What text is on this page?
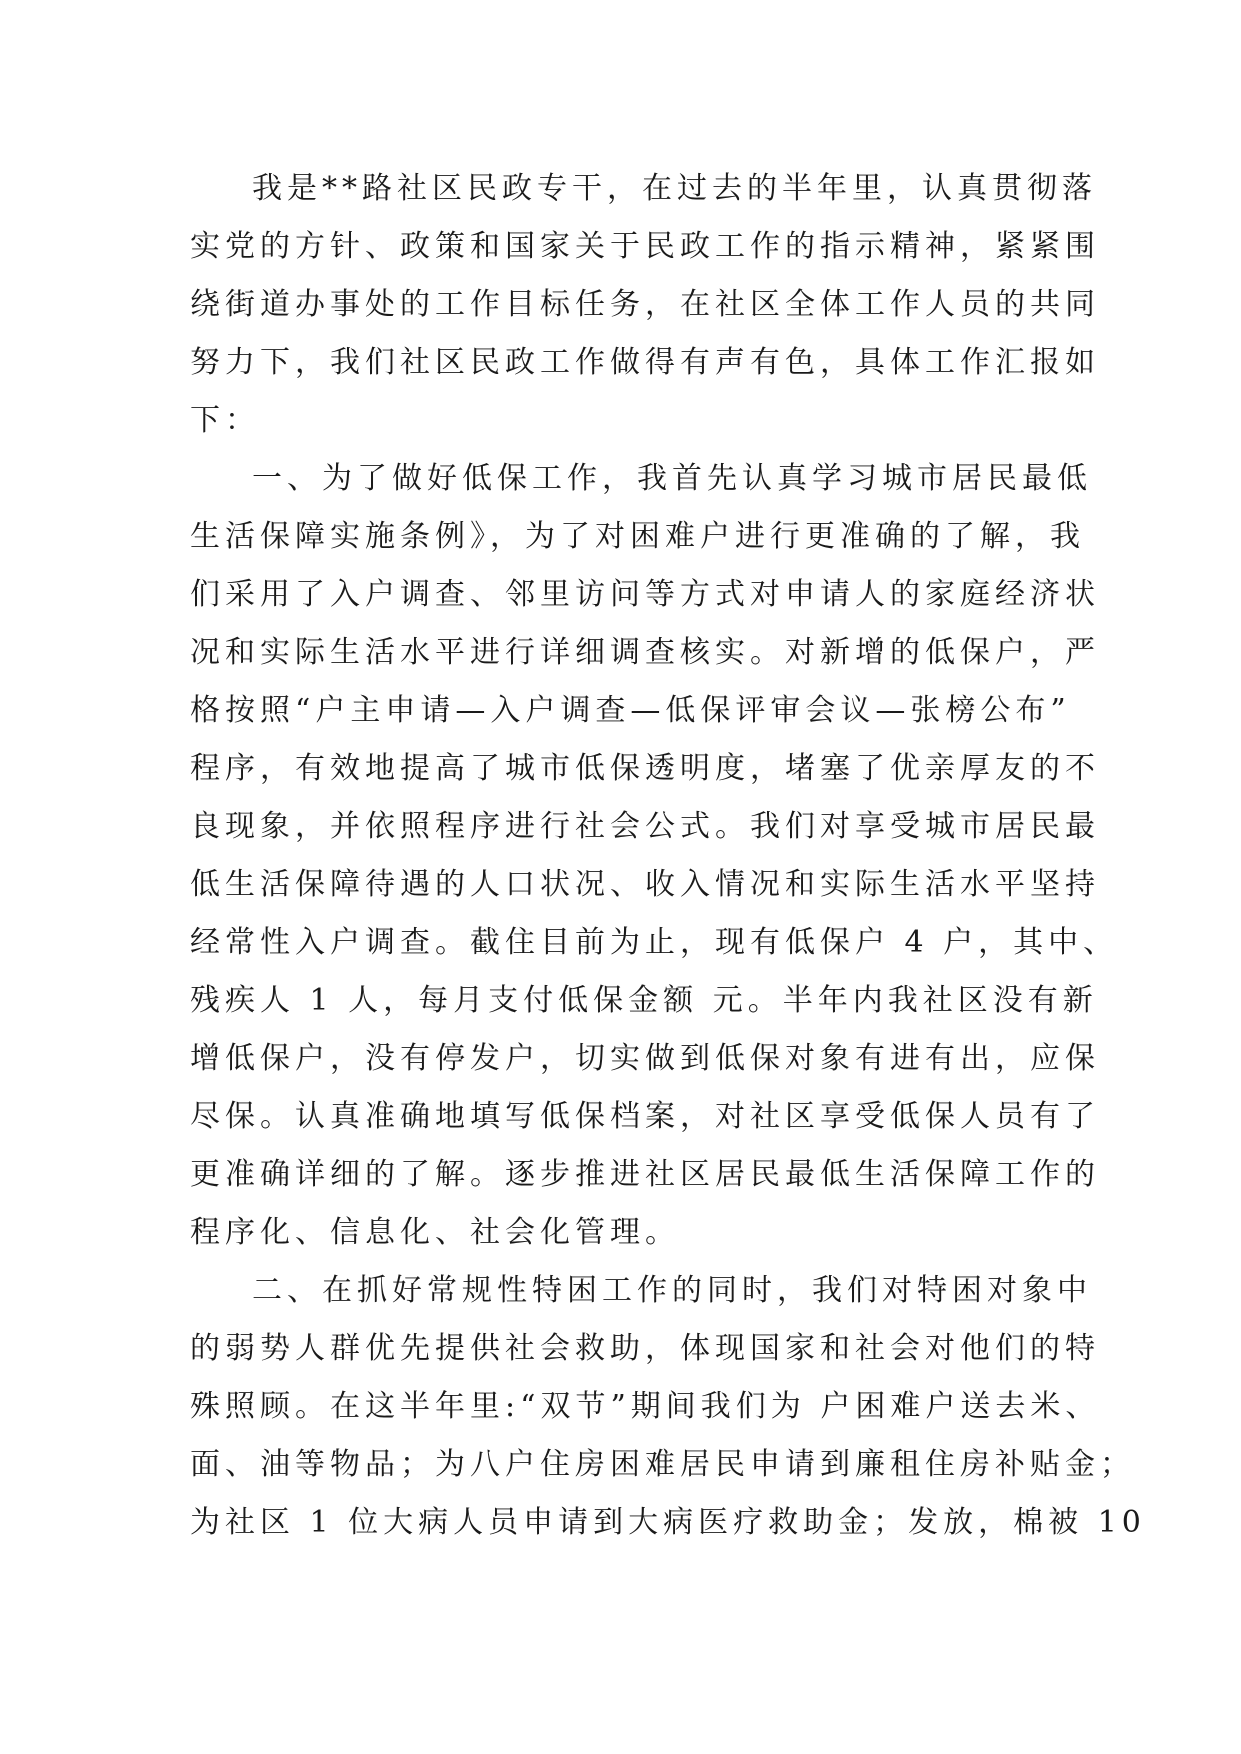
我是**路社区民政专干，在过去的半年里，认真贯彻落
实党的方针、政策和国家关于民政工作的指示精神，紧紧围
绕街道办事处的工作目标任务，在社区全体工作人员的共同
努力下，我们社区民政工作做得有声有色，具体工作汇报如
下：
一、为了做好低保工作，我首先认真学习城市居民最低
生活保障实施条例》，为了对困难户进行更准确的了解，我
们采用了入户调查、邻里访问等方式对申请人的家庭经济状
况和实际生活水平进行详细调查核实。对新增的低保户，严
格按照“户主申请—入户调查—低保评审会议—张榜公布”
程序，有效地提高了城市低保透明度，堵塞了优亲厚友的不
良现象，并依照程序进行社会公式。我们对享受城市居民最
低生活保障待遇的人口状况、收入情况和实际生活水平坚持
经常性入户调查。截住目前为止，现有低保户 4 户，其中、
残疾人 1 人，每月支付低保金额 元。半年内我社区没有新
增低保户，没有停发户，切实做到低保对象有进有出，应保
尽保。认真准确地填写低保档案，对社区享受低保人员有了
更准确详细的了解。逐步推进社区居民最低生活保障工作的
程序化、信息化、社会化管理。
二、在抓好常规性特困工作的同时，我们对特困对象中
的弱势人群优先提供社会救助，体现国家和社会对他们的特
殊照顾。在这半年里:“双节”期间我们为 户困难户送去米、
面、油等物品；为八户住房困难居民申请到廉租住房补贴金；
为社区 1 位大病人员申请到大病医疗救助金；发放，棉被 10
